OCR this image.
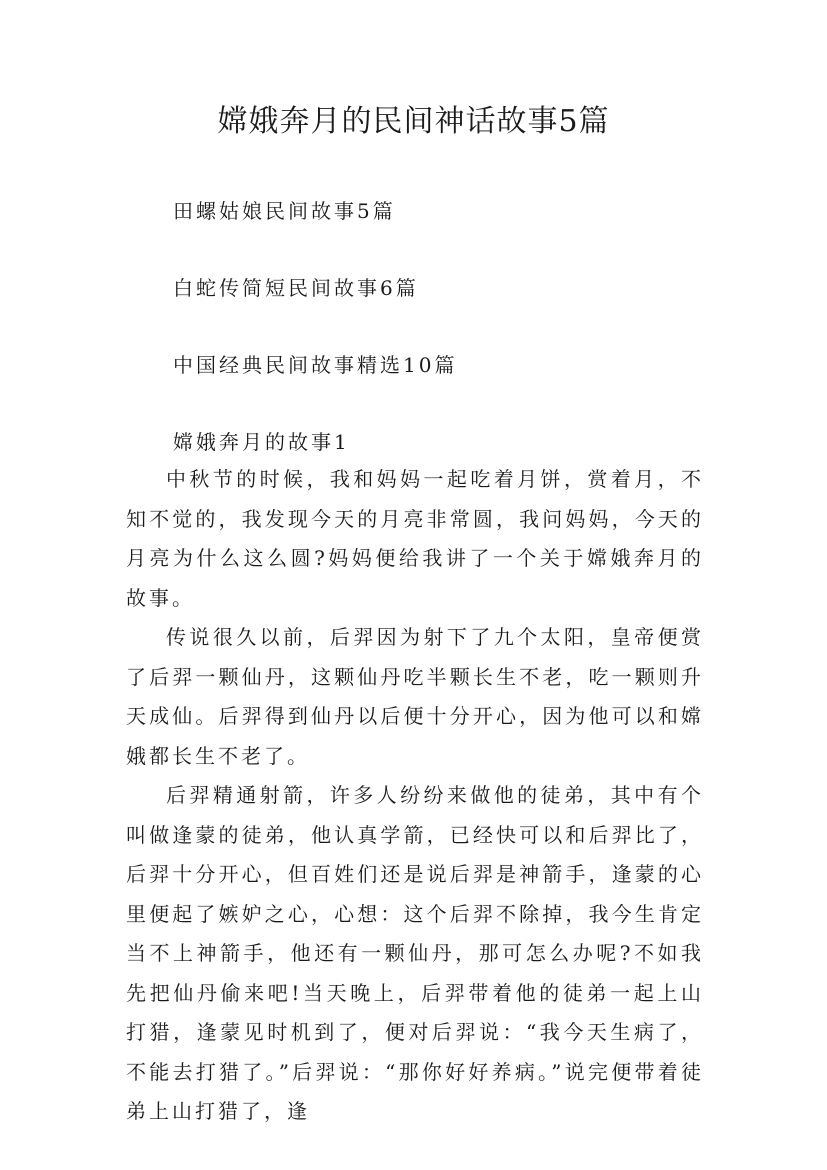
嫦娥奔月的民间神话故事5篇

田螺姑娘民间故事5篇

白蛇传简短民间故事6篇

中国经典民间故事精选10篇

嫦娥奔月的故事1

中秋节的时候，我和妈妈一起吃着月饼，赏着月，不知不觉的，我发现今天的月亮非常圆，我问妈妈，今天的月亮为什么这么圆?妈妈便给我讲了一个关于嫦娥奔月的故事。

传说很久以前，后羿因为射下了九个太阳，皇帝便赏了后羿一颗仙丹，这颗仙丹吃半颗长生不老，吃一颗则升天成仙。后羿得到仙丹以后便十分开心，因为他可以和嫦娥都长生不老了。

后羿精通射箭，许多人纷纷来做他的徒弟，其中有个叫做逢蒙的徒弟，他认真学箭，已经快可以和后羿比了，后羿十分开心，但百姓们还是说后羿是神箭手，逢蒙的心里便起了嫉妒之心，心想：这个后羿不除掉，我今生肯定当不上神箭手，他还有一颗仙丹，那可怎么办呢?不如我先把仙丹偷来吧!当天晚上，后羿带着他的徒弟一起上山打猎，逢蒙见时机到了，便对后羿说：“我今天生病了，不能去打猎了。”后羿说：“那你好好养病。”说完便带着徒弟上山打猎了，逢
